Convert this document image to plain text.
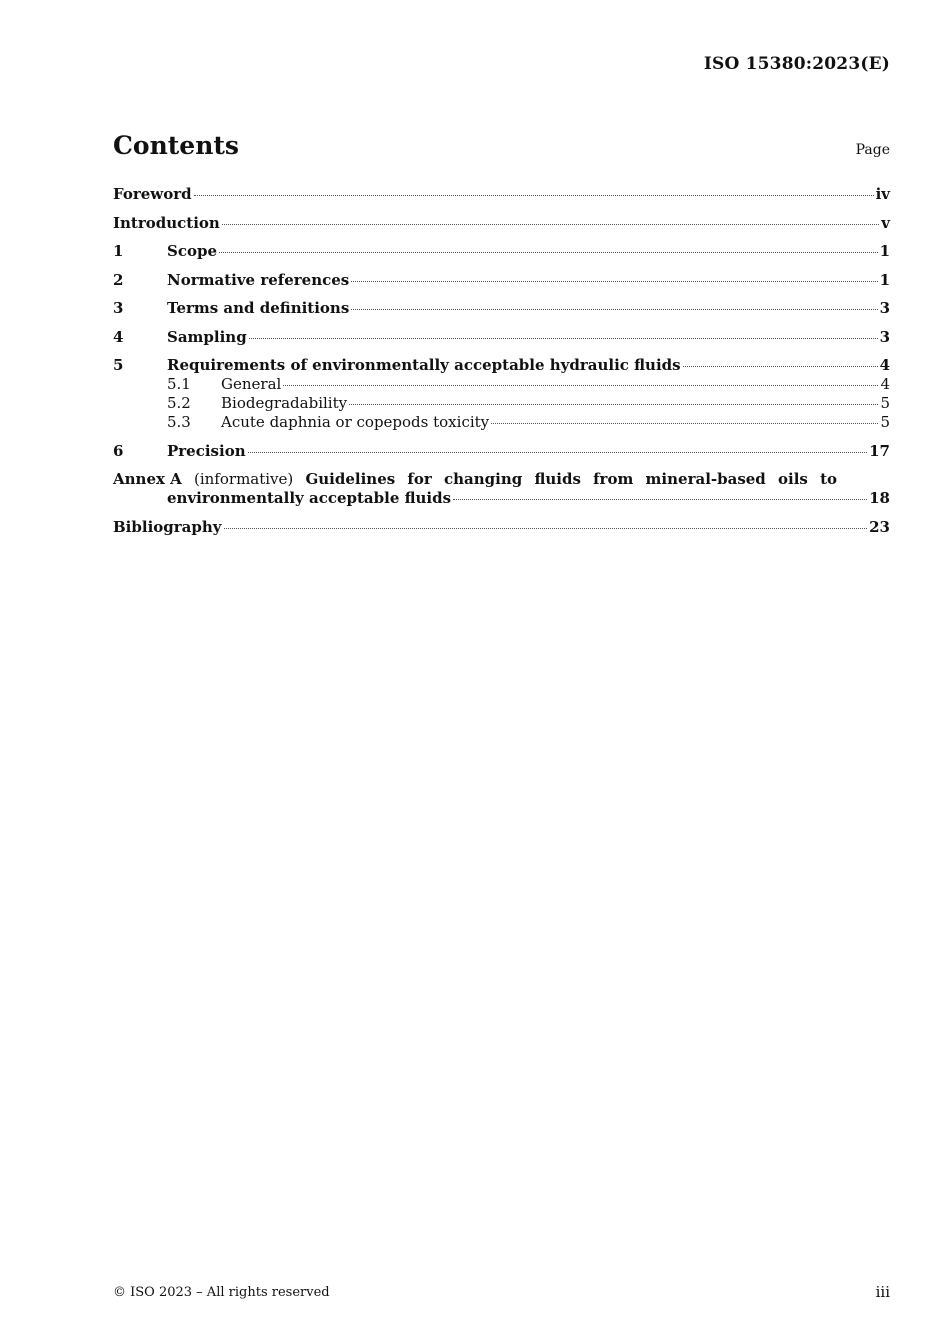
ISO 15380:2023(E)
Contents	Page
Foreword	iv
Introduction	v
1	Scope	1
2	Normative references	1
3	Terms and definitions	3
4	Sampling	3
5	Requirements of environmentally acceptable hydraulic fluids	4
5.1	General	4
5.2	Biodegradability	5
5.3	Acute daphnia or copepods toxicity	5
6	Precision	17
Annex A (informative) Guidelines for changing fluids from mineral-based oils to
environmentally acceptable fluids	18
Bibliography	23
© ISO 2023 – All rights reserved	iii
